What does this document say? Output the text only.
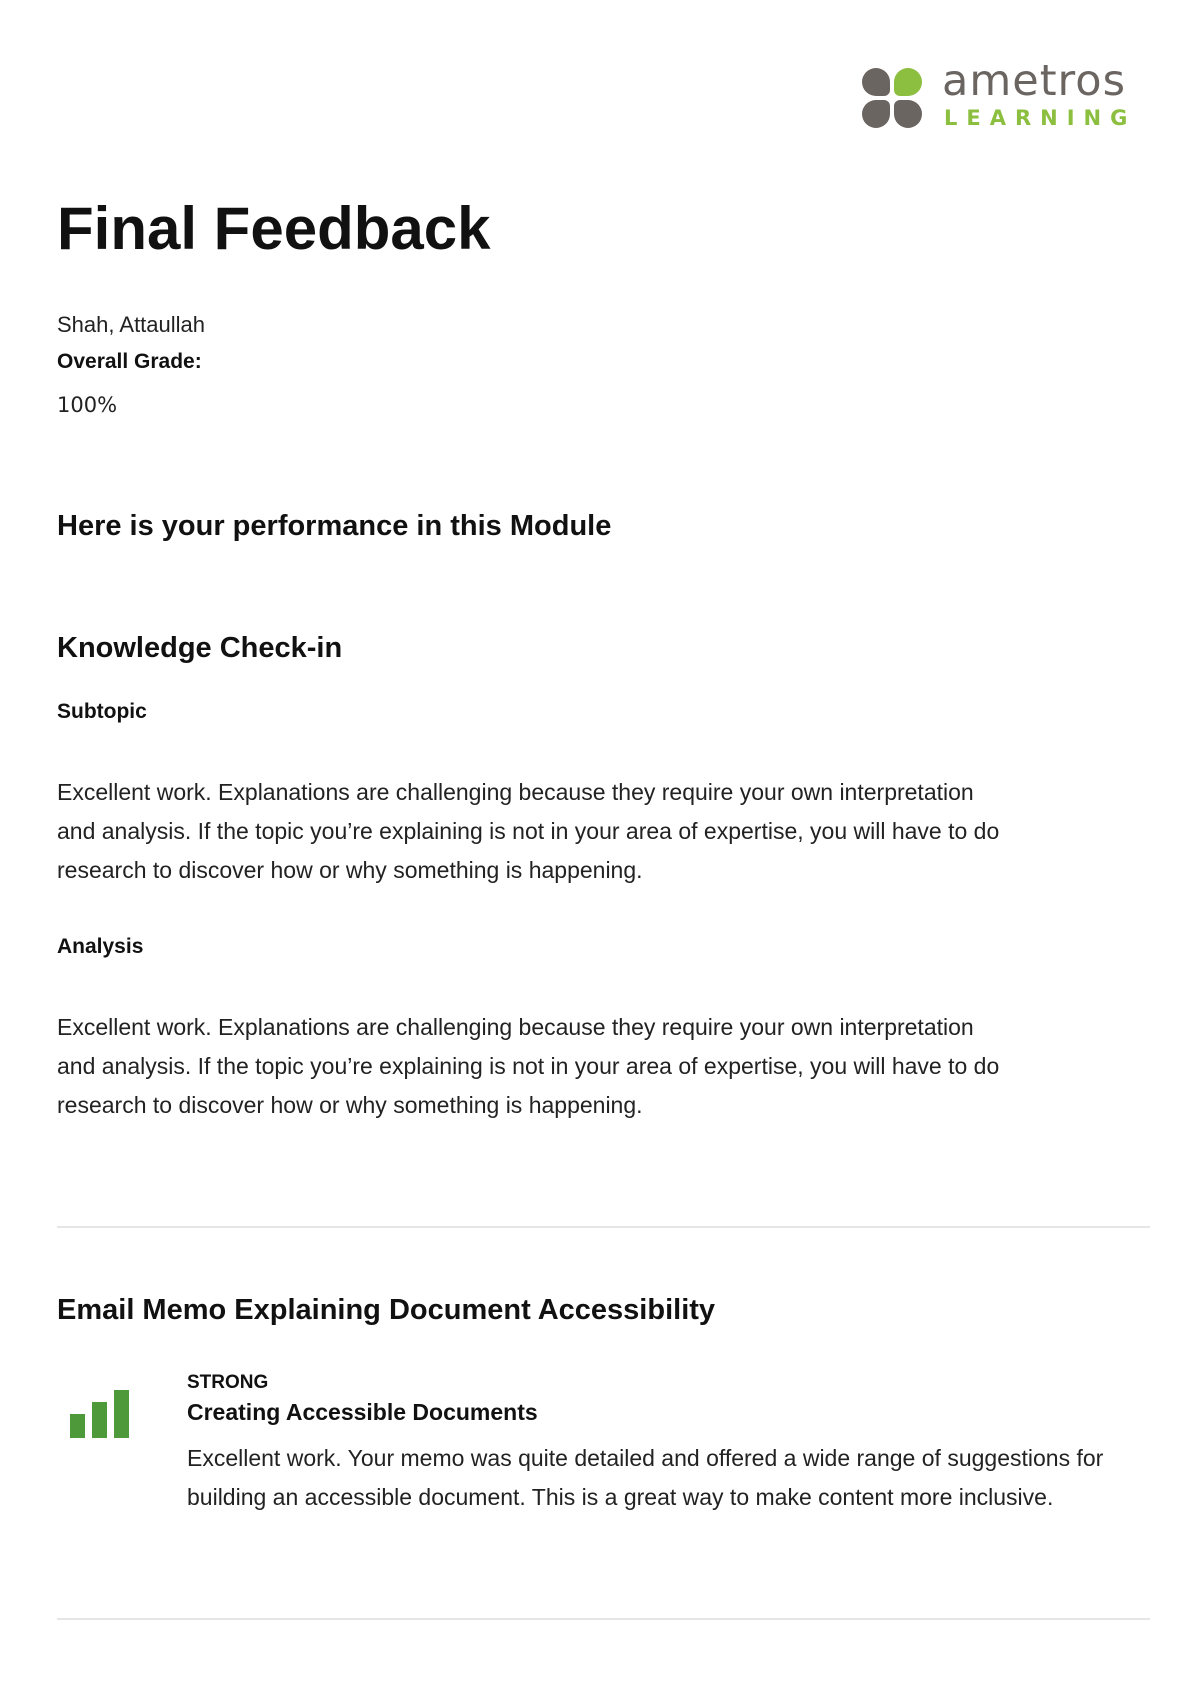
ametros
LEARNING
Final Feedback
Shah, Attaullah
Overall Grade:
100%
Here is your performance in this Module
Knowledge Check-in
Subtopic

Excellent work. Explanations are challenging because they require your own interpretation and analysis. If the topic you’re explaining is not in your area of expertise, you will have to do research to discover how or why something is happening.

Analysis

Excellent work. Explanations are challenging because they require your own interpretation and analysis. If the topic you’re explaining is not in your area of expertise, you will have to do research to discover how or why something is happening.

Email Memo Explaining Document Accessibility
STRONG
Creating Accessible Documents

Excellent work. Your memo was quite detailed and offered a wide range of suggestions for building an accessible document. This is a great way to make content more inclusive.
